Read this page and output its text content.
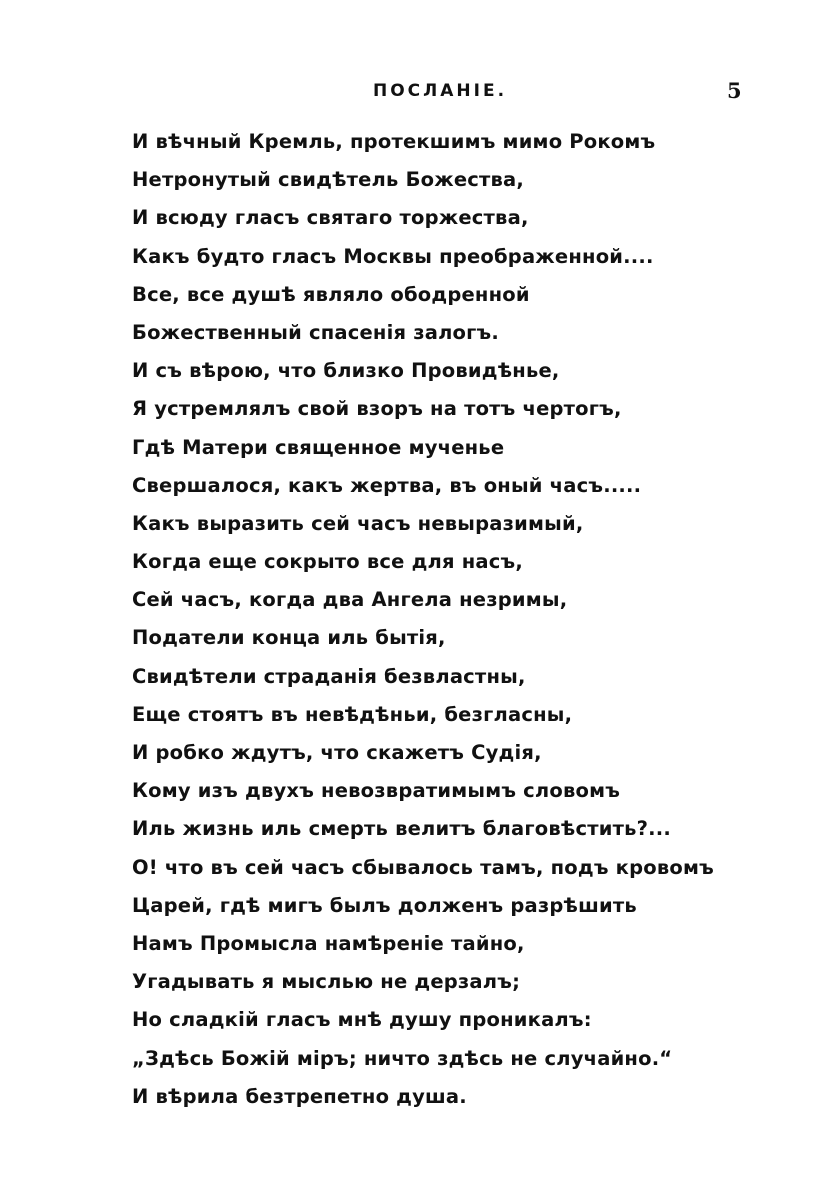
ПОСЛАНІЕ.	5
И вѣчный Кремль, протекшимъ мимо Рокомъ
Нетронутый свидѣтель Божества,
И всюду гласъ святаго торжества,
Какъ будто гласъ Москвы преображенной....
Все, все душѣ являло ободренной
Божественный спасенія залогъ.
И съ вѣрою, что близко Провидѣнье,
Я устремлялъ свой взоръ на тотъ чертогъ,
Гдѣ Матери священное мученье
Свершалося, какъ жертва, въ оный часъ.....
Какъ выразить сей часъ невыразимый,
Когда еще сокрыто все для насъ,
Сей часъ, когда два Ангела незримы,
Податели конца иль бытія,
Свидѣтели страданія безвластны,
Еще стоятъ въ невѣдѣньи, безгласны,
И робко ждутъ, что скажетъ Судія,
Кому изъ двухъ невозвратимымъ словомъ
Иль жизнь иль смерть велитъ благовѣстить?...
О! что въ сей часъ сбывалось тамъ, подъ кровомъ
Царей, гдѣ мигъ былъ долженъ разрѣшить
Намъ Промысла намѣреніе тайно,
Угадывать я мыслью не дерзалъ;
Но сладкій гласъ мнѣ душу проникалъ:
„Здѣсь Божій міръ; ничто здѣсь не случайно.“
И вѣрила безтрепетно душа.
